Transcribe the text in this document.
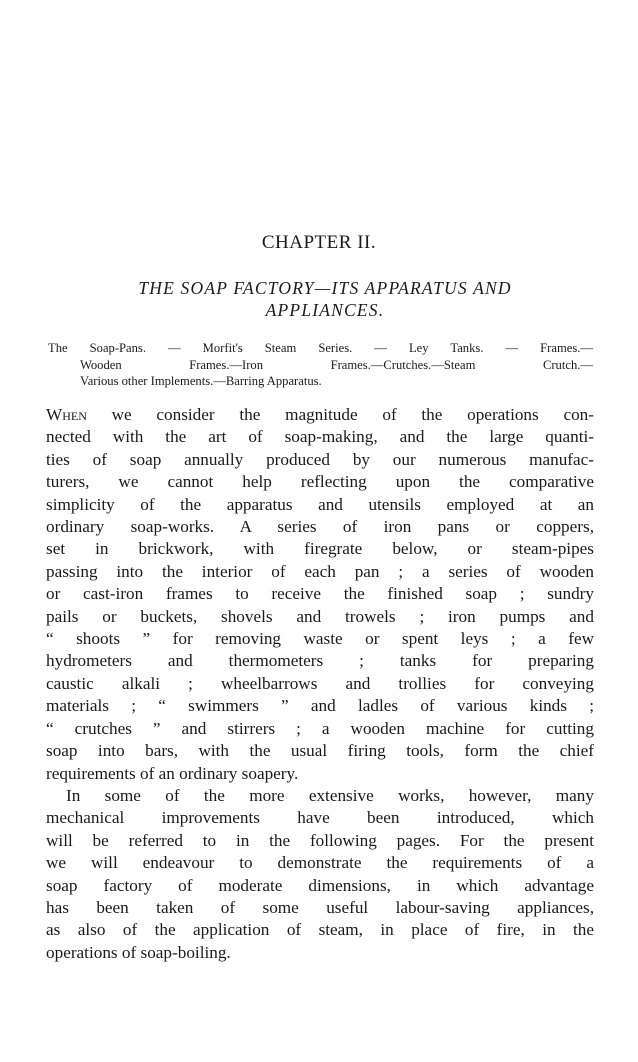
CHAPTER II.
THE SOAP FACTORY—ITS APPARATUS AND
APPLIANCES.
The Soap-Pans. — Morfit's Steam Series. — Ley Tanks. — Frames.—
Wooden Frames.—Iron Frames.—Crutches.—Steam Crutch.—
Various other Implements.—Barring Apparatus.
When we consider the magnitude of the operations con-
nected with the art of soap-making, and the large quanti-
ties of soap annually produced by our numerous manufac-
turers, we cannot help reflecting upon the comparative
simplicity of the apparatus and utensils employed at an
ordinary soap-works. A series of iron pans or coppers,
set in brickwork, with firegrate below, or steam-pipes
passing into the interior of each pan ; a series of wooden
or cast-iron frames to receive the finished soap ; sundry
pails or buckets, shovels and trowels ; iron pumps and
“ shoots ” for removing waste or spent leys ; a few
hydrometers and thermometers ; tanks for preparing
caustic alkali ; wheelbarrows and trollies for conveying
materials ; “ swimmers ” and ladles of various kinds ;
“ crutches ” and stirrers ; a wooden machine for cutting
soap into bars, with the usual firing tools, form the chief
requirements of an ordinary soapery.
In some of the more extensive works, however, many
mechanical improvements have been introduced, which
will be referred to in the following pages. For the present
we will endeavour to demonstrate the requirements of a
soap factory of moderate dimensions, in which advantage
has been taken of some useful labour-saving appliances,
as also of the application of steam, in place of fire, in the
operations of soap-boiling.
